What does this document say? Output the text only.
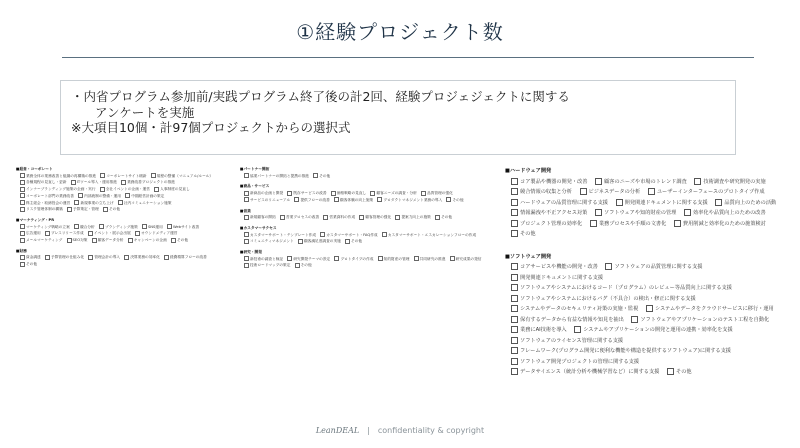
①経験プロジェクト数
・内省プログラム参加前/実践プログラム終了後の計2回、経験プロジェジェクトに関する
アンケートを実施
※大項目10個・計97個プロジェクトからの選択式
■経営・コーポレート
業務全体の業務改善と組織の再構築の推進	コーポレートサイト刷新	規程の整備（マニュアル/ルール） 各種規程の見直し・更新	ITツール導入・運用推進	業務改善プロジェクトの推進 インナーブランディング施策の企画・実行	全社イベントの企画・運営	人事制度の見直し コーポレート部門の業務改善	内部統制の整備・運用	中期経営計画の策定 株主総会・取締役会の運営	新規事業の立ち上げ	社内コミュニケーション施策 リスク管理体制の構築	予算策定・管理	その他
■マーケティング・PR
マーケティング戦略の立案	競合分析	ブランディング施策	SNS運用	Webサイト改善 広告運用	プレスリリース作成	イベント・展示会出展	オウンドメディア運営 メールマーケティング	SEO対策	顧客データ分析	キャンペーンの企画	その他
■財務
資金調達	予算管理の仕組み化	管理会計の導入	決算業務の効率化	経費精算フローの改善 その他
■パートナー開拓
協業パートナーの開拓と提携の推進	その他
■商品・サービス
新商品の企画と開発	既存サービスの改善	価格戦略の見直し	顧客ニーズの調査・分析	品質管理の強化 サービスのリニューアル	提供フローの改善	顧客体験の向上施策	プロダクトマネジメント業務の導入	その他
■営業
新規顧客の開拓	営業プロセスの改善	営業資料の作成	顧客管理の強化	提案力向上の施策	その他
■カスタマーサクセス
カスタマーサポート・テンプレート作成	カスタマーサポート・FAQ作成	カスタマーサポート・エスカレーションフローの作成 コミュニティマネジメント	顧客満足度調査の実施	その他
■研究・開発
新技術の調査と検証	研究開発テーマの設定	プロトタイプの作成	知的財産の管理	共同研究の推進	研究成果の発信 技術ロードマップの策定	その他
■ハードウェア開発
コア製品や機器の開発・改善	顧客のニーズや市場のトレンド調査	技術調査や研究開発の実施 競合情報の収集と分析	ビジネスデータの分析	ユーザーインターフェースのプロトタイプ作成 ハードウェアの品質管理に関する支援	開発関連ドキュメントに関する支援	品質向上のための活動 情報漏洩や不正アクセス対策	ソフトウェアや知的財産の管理	効率化や品質向上のための改善 プロジェクト管理の効率化	業務プロセスや手順の文書化	費用削減と効率化のための施策検討 その他
■ソフトウェア開発
コアサービスや機能の開発・改善	ソフトウェアの品質管理に関する支援 開発関連ドキュメントに関する支援 ソフトウェアやシステムにおけるコード（プログラム）のレビュー等品質向上に関する支援 ソフトウェアやシステムにおけるバグ（不具合）の検出・修正に関する支援 システムやデータのセキュリティ対策の実施・監視	システムやデータをクラウドサービスに移行・運用 保有するデータから有益な情報や知見を抽出	ソフトウェアやアプリケーションのテスト工程を自動化 業務にAI技術を導入	システムやアプリケーションの開発と運用の連携・効率化を支援 ソフトウェアのライセンス管理に関する支援 フレームワーク(プログラム開発に便利な機能や構造を提供するソフトウェア)に関する支援 ソフトウェア開発プロジェクトの管理に関する支援 データサイエンス（統計分析や機械学習など）に関する支援	その他
LeanDEAL | confidentiality & copyright
